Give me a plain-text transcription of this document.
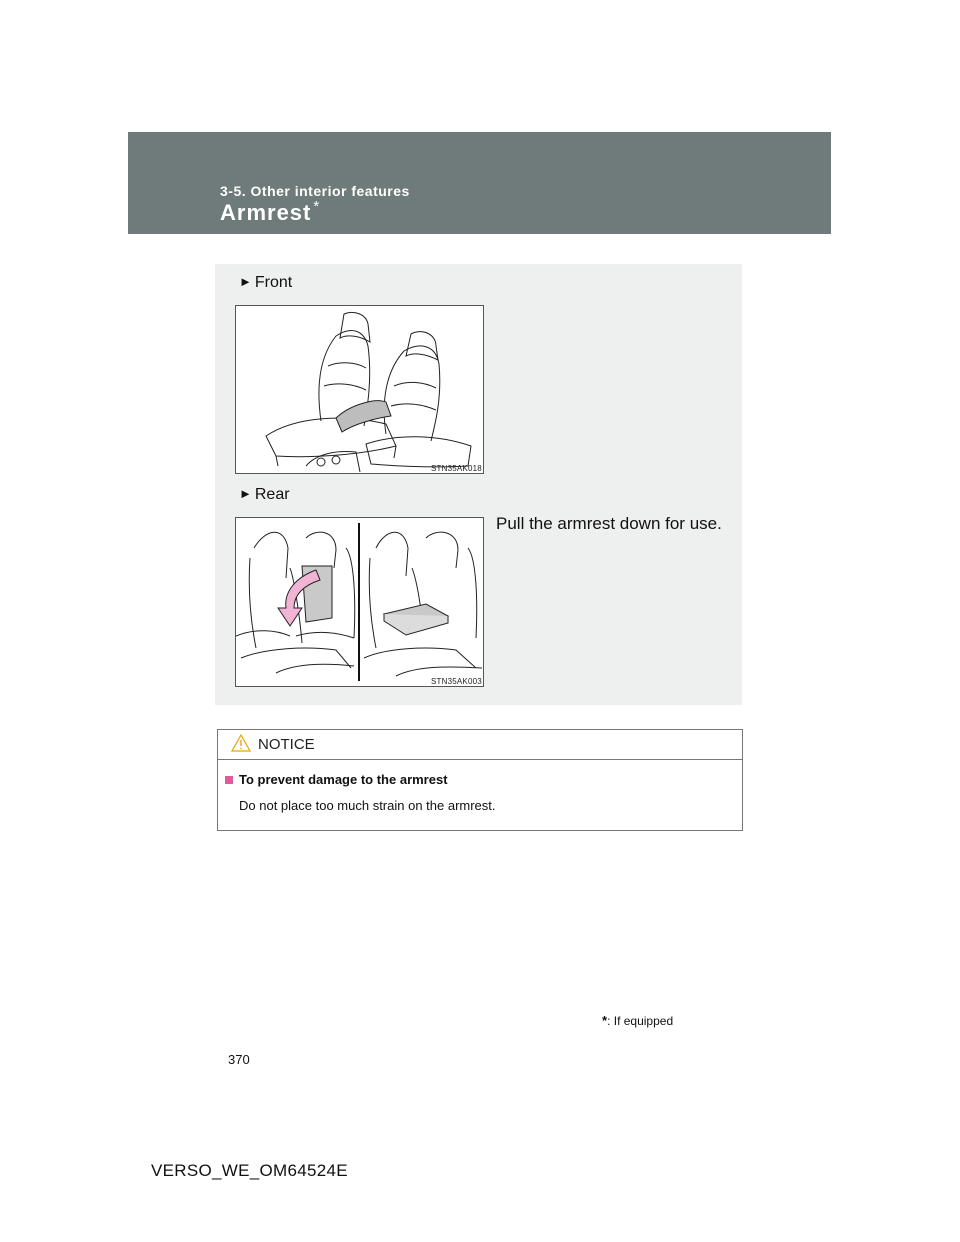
3-5. Other interior features
Armrest *
► Front
STN35AK018
► Rear
Pull the armrest down for use.
STN35AK003
NOTICE
To prevent damage to the armrest
Do not place too much strain on the armrest.
*: If equipped
370
VERSO_WE_OM64524E
